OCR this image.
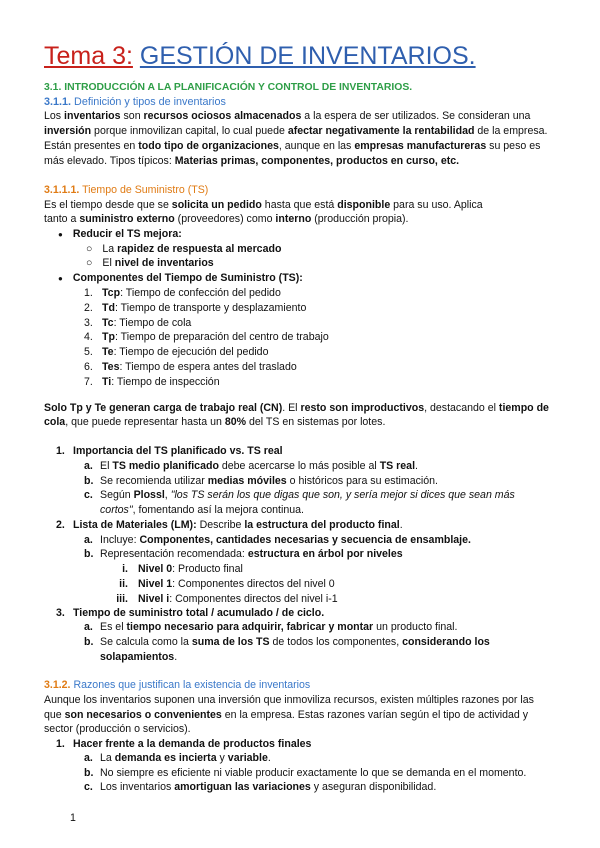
Tema 3: GESTIÓN DE INVENTARIOS.
3.1. INTRODUCCIÓN A LA PLANIFICACIÓN Y CONTROL DE INVENTARIOS.
3.1.1. Definición y tipos de inventarios
Los inventarios son recursos ociosos almacenados a la espera de ser utilizados. Se consideran una
inversión porque inmovilizan capital, lo cual puede afectar negativamente la rentabilidad de la empresa.
Están presentes en todo tipo de organizaciones, aunque en las empresas manufactureras su peso es
más elevado. Tipos típicos: Materias primas, componentes, productos en curso, etc.
3.1.1.1. Tiempo de Suministro (TS)
Es el tiempo desde que se solicita un pedido hasta que está disponible para su uso. Aplica
tanto a suministro externo (proveedores) como interno (producción propia).
● Reducir el TS mejora:
○ La rapidez de respuesta al mercado
○ El nivel de inventarios
● Componentes del Tiempo de Suministro (TS):
1. Tcp: Tiempo de confección del pedido
2. Td: Tiempo de transporte y desplazamiento
3. Tc: Tiempo de cola
4. Tp: Tiempo de preparación del centro de trabajo
5. Te: Tiempo de ejecución del pedido
6. Tes: Tiempo de espera antes del traslado
7. Ti: Tiempo de inspección
Solo Tp y Te generan carga de trabajo real (CN). El resto son improductivos, destacando el tiempo de
cola, que puede representar hasta un 80% del TS en sistemas por lotes.
1. Importancia del TS planificado vs. TS real
a. El TS medio planificado debe acercarse lo más posible al TS real.
b. Se recomienda utilizar medias móviles o históricos para su estimación.
c. Según Plossl, "los TS serán los que digas que son, y sería mejor si dices que sean más
cortos", fomentando así la mejora continua.
2. Lista de Materiales (LM): Describe la estructura del producto final.
a. Incluye: Componentes, cantidades necesarias y secuencia de ensamblaje.
b. Representación recomendada: estructura en árbol por niveles
i. Nivel 0: Producto final
ii. Nivel 1: Componentes directos del nivel 0
iii. Nivel i: Componentes directos del nivel i-1
3. Tiempo de suministro total / acumulado / de ciclo.
a. Es el tiempo necesario para adquirir, fabricar y montar un producto final.
b. Se calcula como la suma de los TS de todos los componentes, considerando los
solapamientos.
3.1.2. Razones que justifican la existencia de inventarios
Aunque los inventarios suponen una inversión que inmoviliza recursos, existen múltiples razones por las
que son necesarios o convenientes en la empresa. Estas razones varían según el tipo de actividad y
sector (producción o servicios).
1. Hacer frente a la demanda de productos finales
a. La demanda es incierta y variable.
b. No siempre es eficiente ni viable producir exactamente lo que se demanda en el momento.
c. Los inventarios amortiguan las variaciones y aseguran disponibilidad.
1
